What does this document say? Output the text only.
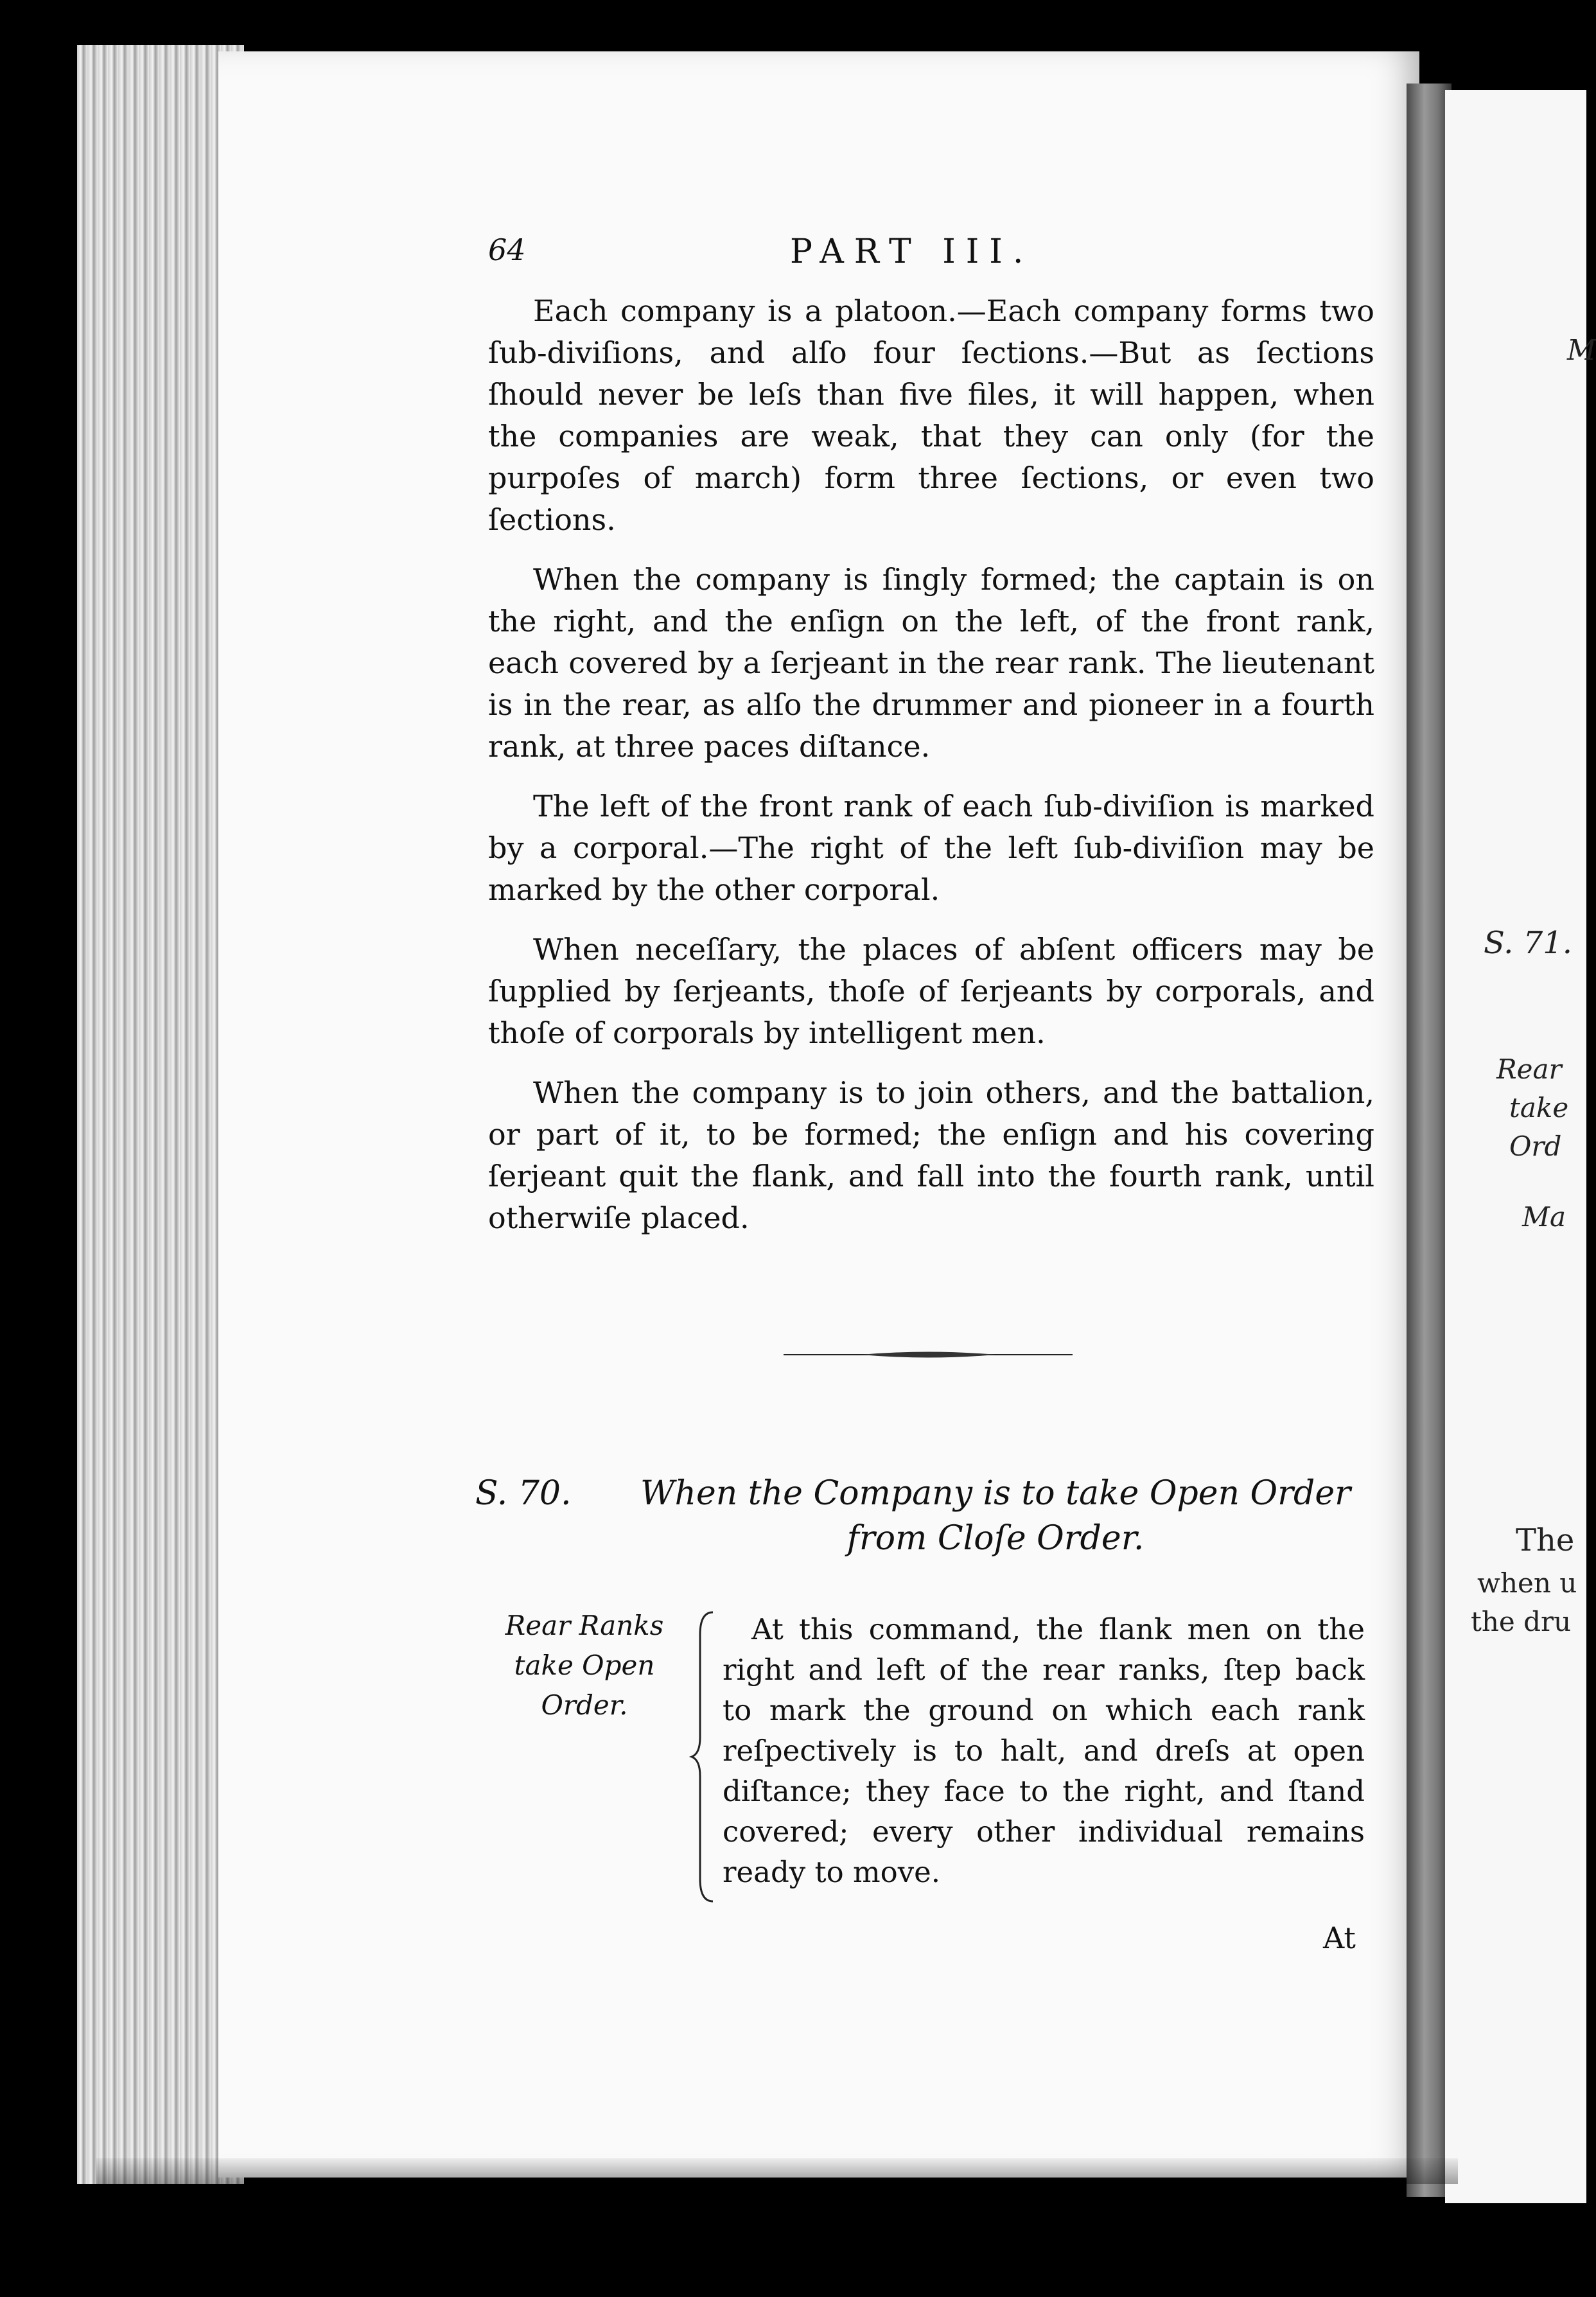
M
S. 71.
Rear
take
Ord
Ma
The
when u
the dru
64	PART III.

Each company is a platoon.—Each company forms two ſub-diviſions, and alſo four ſections.—But as ſections ſhould never be leſs than five files, it will happen, when the companies are weak, that they can only (for the purpoſes of march) form three ſections, or even two ſections.

When the company is ſingly formed; the captain is on the right, and the enſign on the left, of the front rank, each covered by a ſerjeant in the rear rank. The lieutenant is in the rear, as alſo the drummer and pioneer in a fourth rank, at three paces diſtance.

The left of the front rank of each ſub-diviſion is marked by a corporal.—The right of the left ſub-diviſion may be marked by the other corporal.

When neceſſary, the places of abſent officers may be ſupplied by ſerjeants, thoſe of ſerjeants by corporals, and thoſe of corporals by intelligent men.

When the company is to join others, and the battalion, or part of it, to be formed; the enſign and his covering ſerjeant quit the flank, and fall into the fourth rank, until otherwiſe placed.

S. 70.	When the Company is to take Open Order from Cloſe Order.
Rear Ranks take Open Order.

At this command, the flank men on the right and left of the rear ranks, ſtep back to mark the ground on which each rank reſpectively is to halt, and dreſs at open diſtance; they face to the right, and ſtand covered; every other individual remains ready to move.

At
